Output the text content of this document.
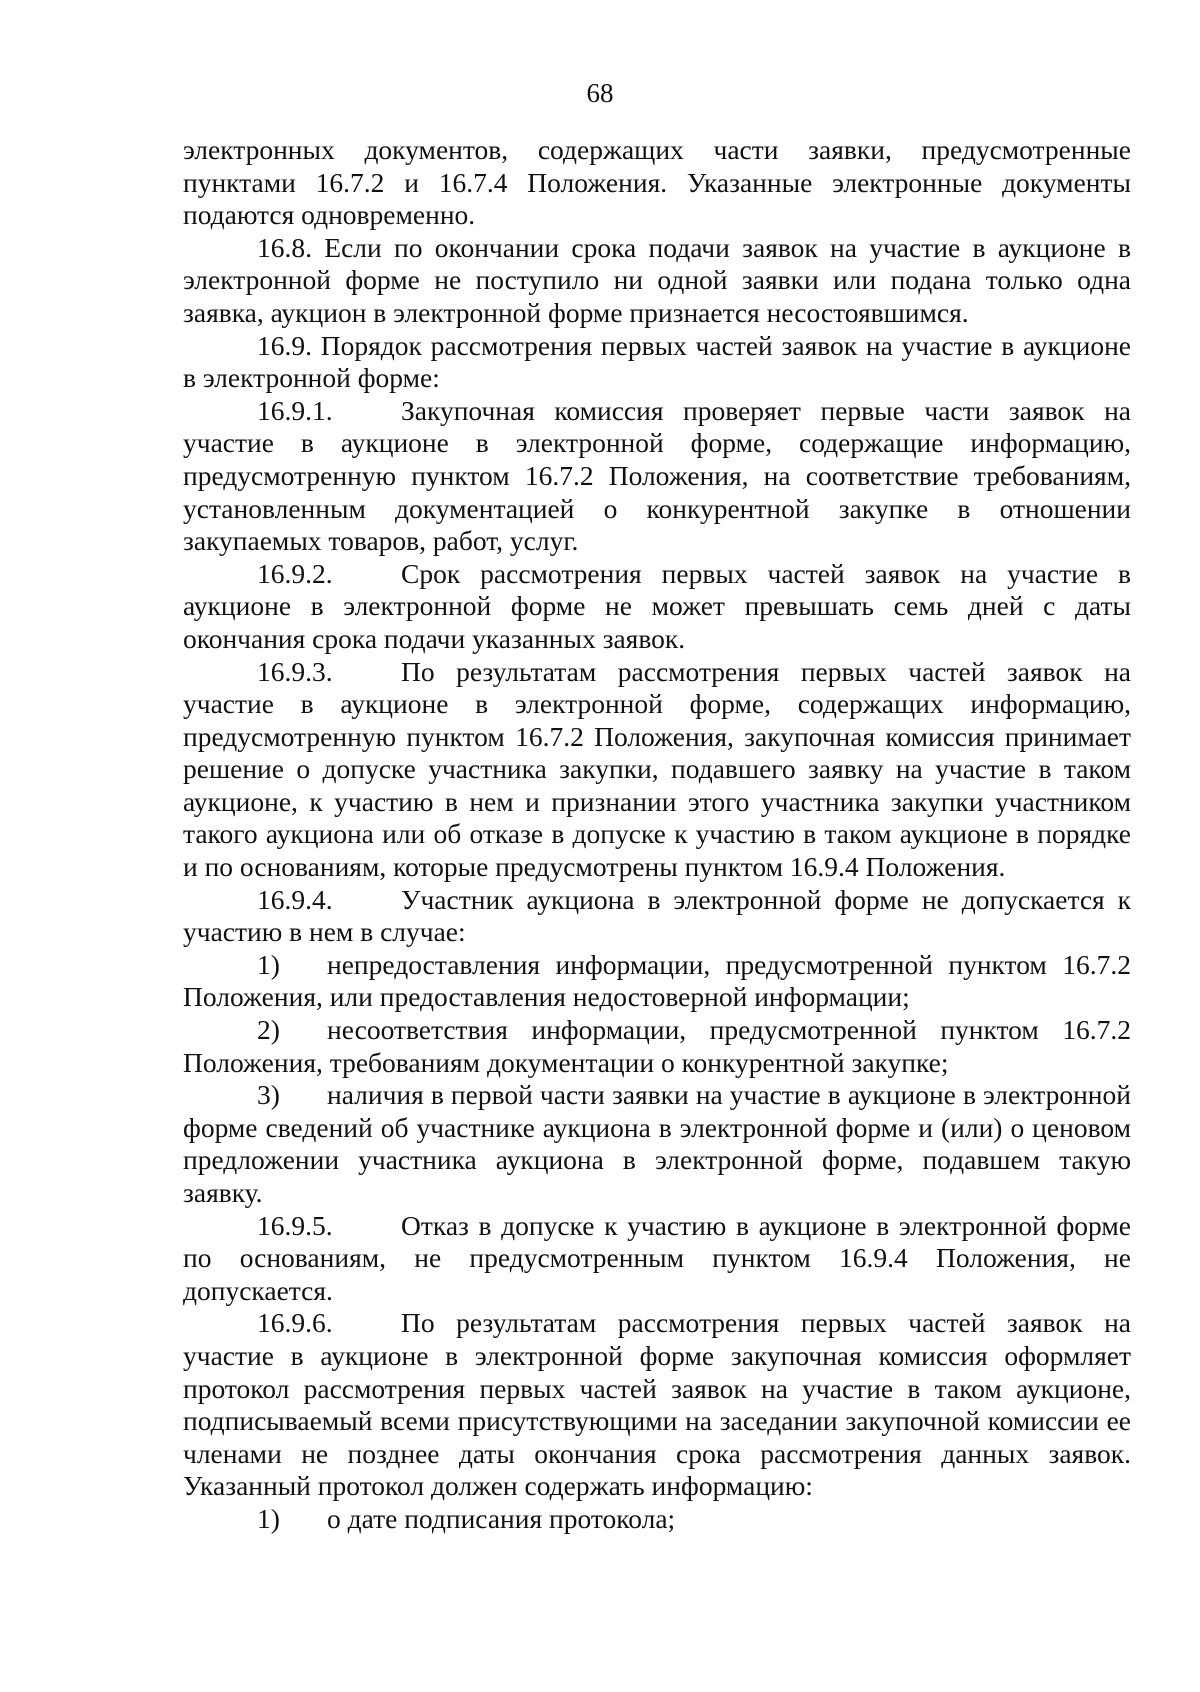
68

электронных документов, содержащих части заявки, предусмотренные пунктами 16.7.2 и 16.7.4 Положения. Указанные электронные документы подаются одновременно.

16.8. Если по окончании срока подачи заявок на участие в аукционе в электронной форме не поступило ни одной заявки или подана только одна заявка, аукцион в электронной форме признается несостоявшимся.

16.9. Порядок рассмотрения первых частей заявок на участие в аукционе в электронной форме:

16.9.1. Закупочная комиссия проверяет первые части заявок на участие в аукционе в электронной форме, содержащие информацию, предусмотренную пунктом 16.7.2 Положения, на соответствие требованиям, установленным документацией о конкурентной закупке в отношении закупаемых товаров, работ, услуг.

16.9.2. Срок рассмотрения первых частей заявок на участие в аукционе в электронной форме не может превышать семь дней с даты окончания срока подачи указанных заявок.

16.9.3. По результатам рассмотрения первых частей заявок на участие в аукционе в электронной форме, содержащих информацию, предусмотренную пунктом 16.7.2 Положения, закупочная комиссия принимает решение о допуске участника закупки, подавшего заявку на участие в таком аукционе, к участию в нем и признании этого участника закупки участником такого аукциона или об отказе в допуске к участию в таком аукционе в порядке и по основаниям, которые предусмотрены пунктом 16.9.4 Положения.

16.9.4. Участник аукциона в электронной форме не допускается к участию в нем в случае:

1) непредоставления информации, предусмотренной пунктом 16.7.2 Положения, или предоставления недостоверной информации;

2) несоответствия информации, предусмотренной пунктом 16.7.2 Положения, требованиям документации о конкурентной закупке;

3) наличия в первой части заявки на участие в аукционе в электронной форме сведений об участнике аукциона в электронной форме и (или) о ценовом предложении участника аукциона в электронной форме, подавшем такую заявку.

16.9.5. Отказ в допуске к участию в аукционе в электронной форме по основаниям, не предусмотренным пунктом 16.9.4 Положения, не допускается.

16.9.6. По результатам рассмотрения первых частей заявок на участие в аукционе в электронной форме закупочная комиссия оформляет протокол рассмотрения первых частей заявок на участие в таком аукционе, подписываемый всеми присутствующими на заседании закупочной комиссии ее членами не позднее даты окончания срока рассмотрения данных заявок. Указанный протокол должен содержать информацию:

1) о дате подписания протокола;
